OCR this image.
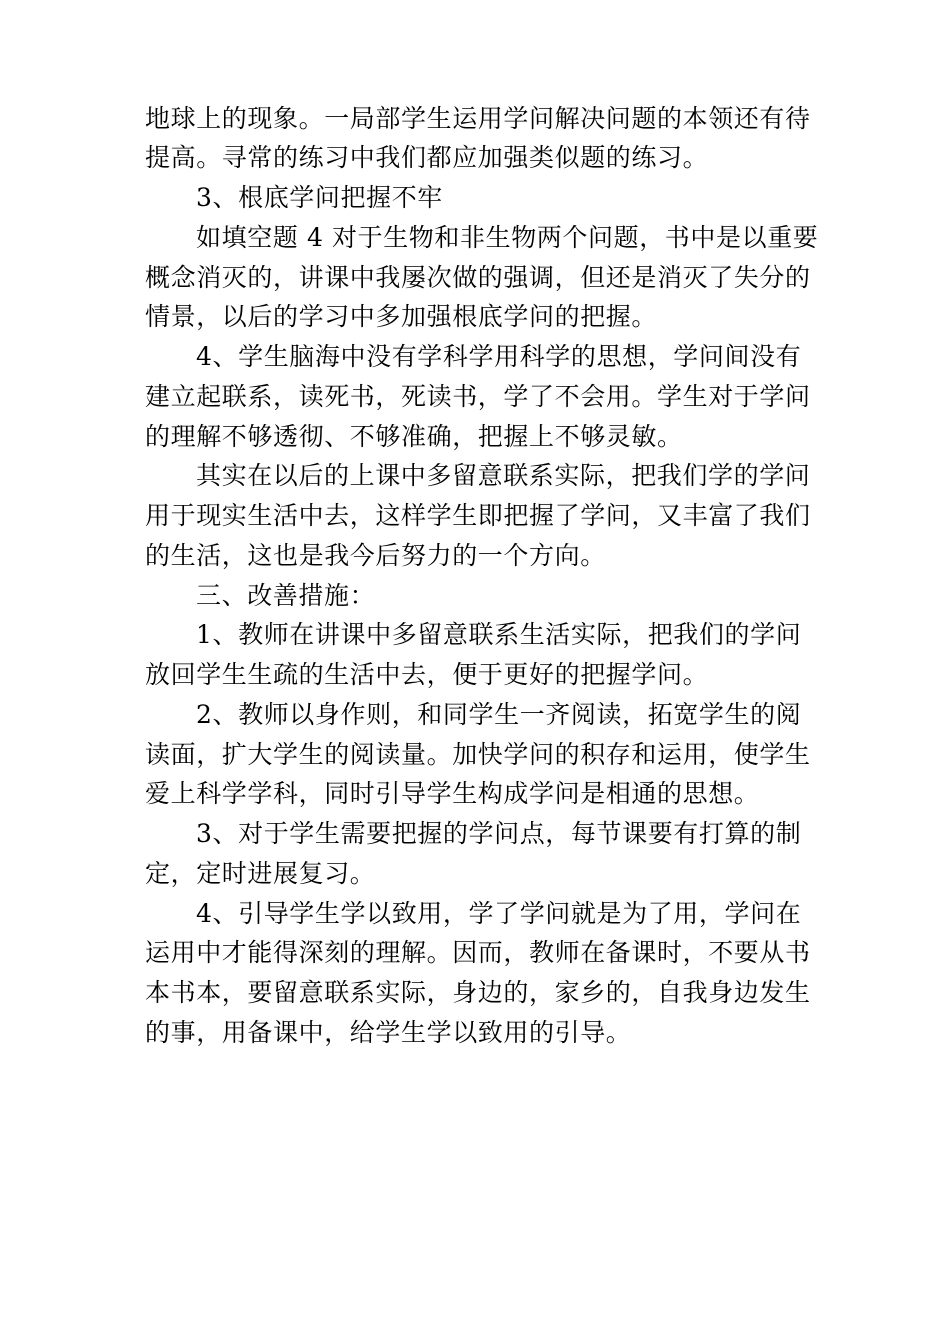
地球上的现象。一局部学生运用学问解决问题的本领还有待
提高。寻常的练习中我们都应加强类似题的练习。
3、根底学问把握不牢
如填空题 4 对于生物和非生物两个问题，书中是以重要
概念消灭的，讲课中我屡次做的强调，但还是消灭了失分的
情景，以后的学习中多加强根底学问的把握。
4、学生脑海中没有学科学用科学的思想，学问间没有
建立起联系，读死书，死读书，学了不会用。学生对于学问
的理解不够透彻、不够准确，把握上不够灵敏。
其实在以后的上课中多留意联系实际，把我们学的学问
用于现实生活中去，这样学生即把握了学问，又丰富了我们
的生活，这也是我今后努力的一个方向。
三、改善措施：
1、教师在讲课中多留意联系生活实际，把我们的学问
放回学生生疏的生活中去，便于更好的把握学问。
2、教师以身作则，和同学生一齐阅读，拓宽学生的阅
读面，扩大学生的阅读量。加快学问的积存和运用，使学生
爱上科学学科，同时引导学生构成学问是相通的思想。
3、对于学生需要把握的学问点，每节课要有打算的制
定，定时进展复习。
4、引导学生学以致用，学了学问就是为了用，学问在
运用中才能得深刻的理解。因而，教师在备课时，不要从书
本书本，要留意联系实际，身边的，家乡的，自我身边发生
的事，用备课中，给学生学以致用的引导。
